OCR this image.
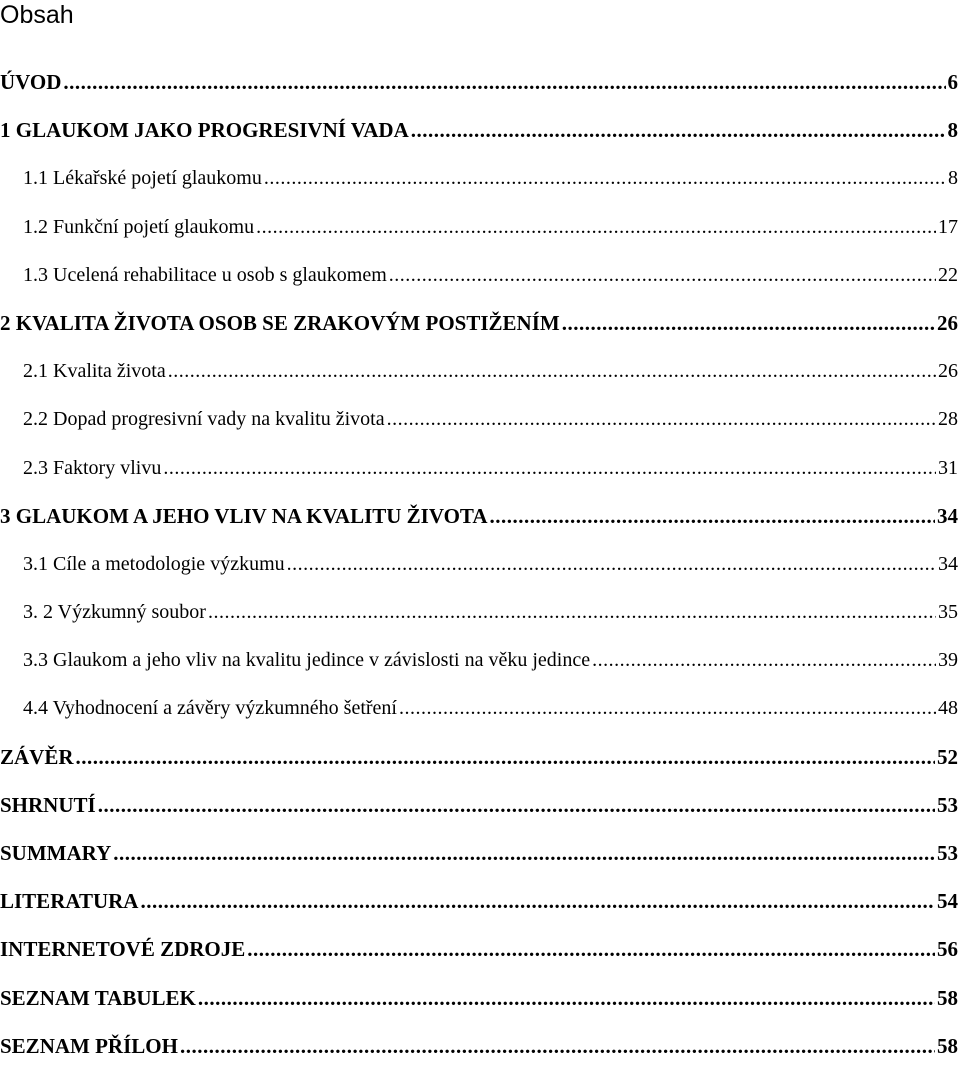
Obsah
ÚVOD .....	6
1 GLAUKOM JAKO PROGRESIVNÍ VADA .....	8
1.1 Lékařské pojetí glaukomu .....	8
1.2 Funkční pojetí glaukomu .....	17
1.3 Ucelená rehabilitace u osob s glaukomem .....	22
2 KVALITA ŽIVOTA OSOB SE ZRAKOVÝM POSTIŽENÍM .....	26
2.1 Kvalita života .....	26
2.2 Dopad progresivní vady na kvalitu života .....	28
2.3 Faktory vlivu .....	31
3 GLAUKOM A JEHO VLIV NA KVALITU ŽIVOTA .....	34
3.1 Cíle a metodologie výzkumu .....	34
3. 2 Výzkumný soubor .....	35
3.3 Glaukom a jeho vliv na kvalitu jedince v závislosti na věku jedince .....	39
4.4 Vyhodnocení a závěry výzkumného šetření .....	48
ZÁVĚR .....	52
SHRNUTÍ .....	53
SUMMARY .....	53
LITERATURA .....	54
INTERNETOVÉ ZDROJE .....	56
SEZNAM TABULEK .....	58
SEZNAM PŘÍLOH .....	58
